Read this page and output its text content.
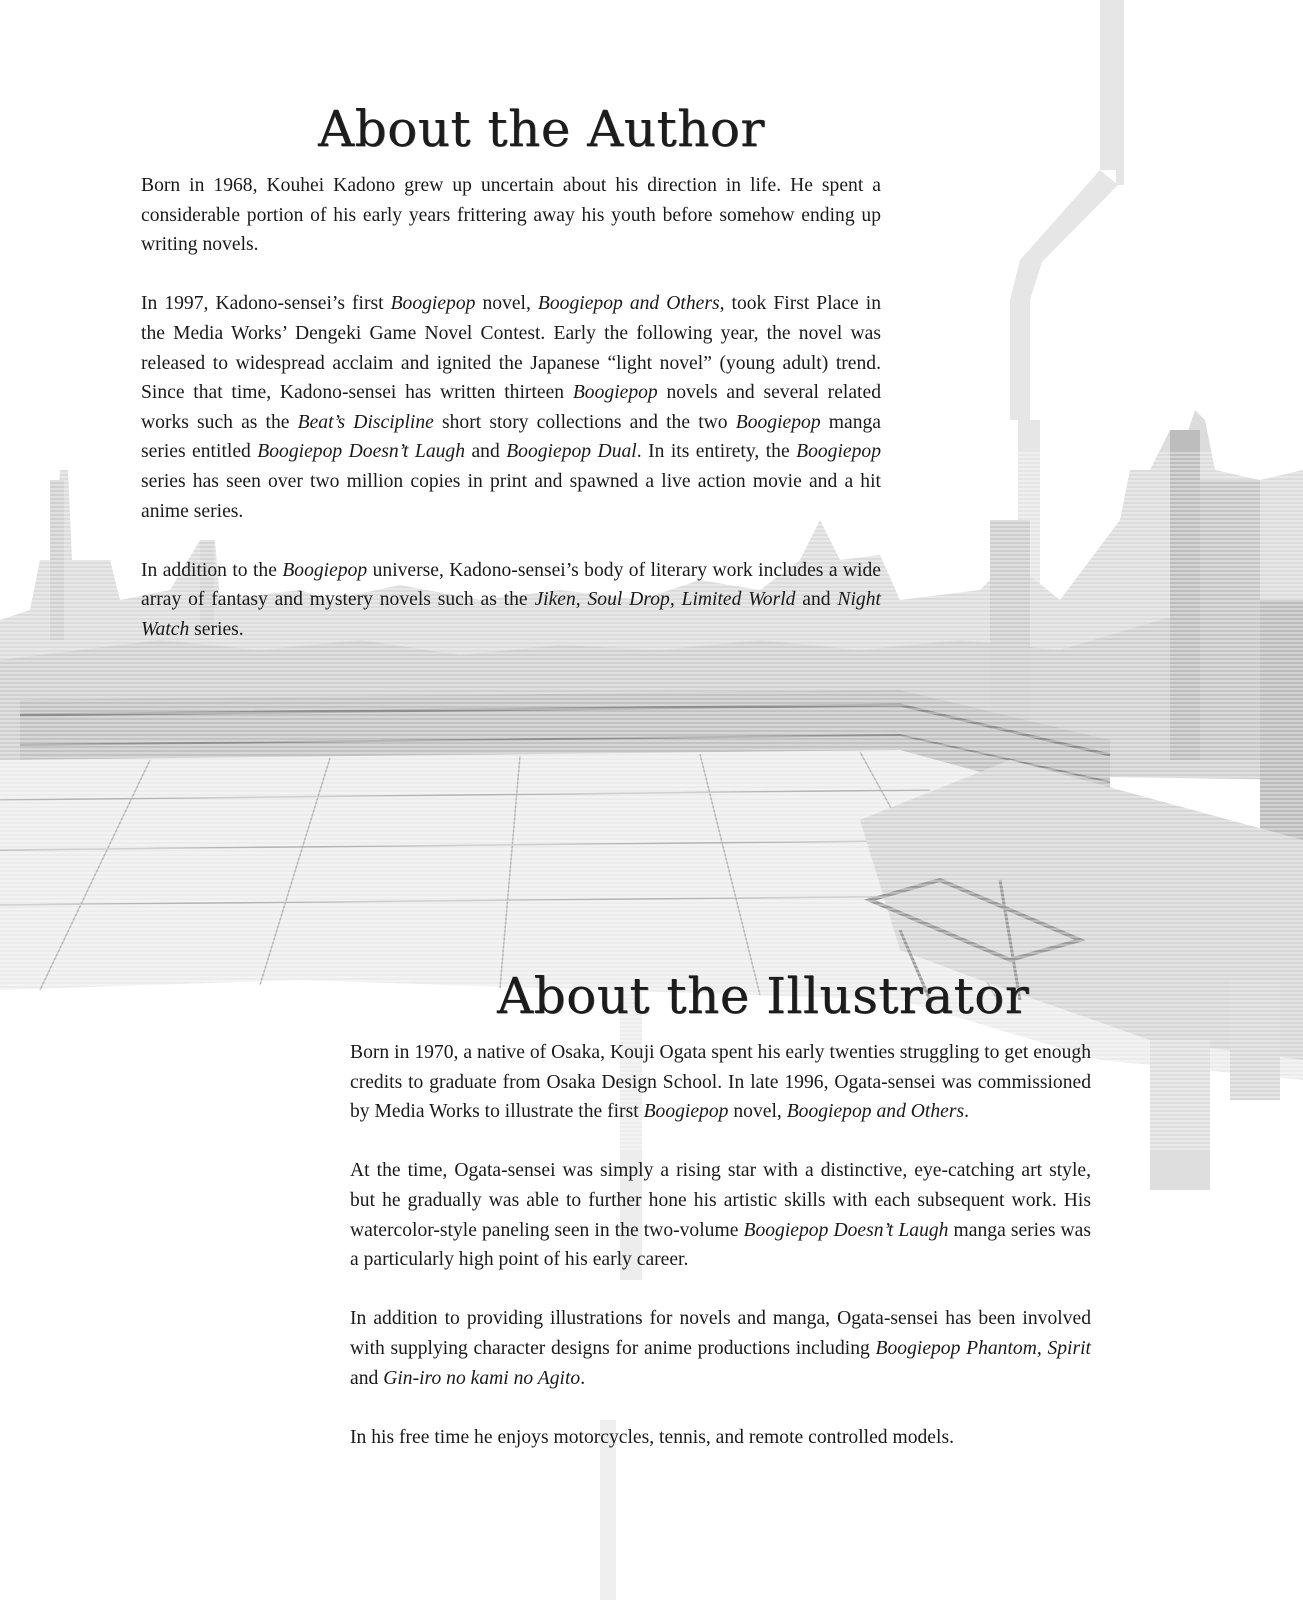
About the Author

Born in 1968, Kouhei Kadono grew up uncertain about his direction in life. He spent a considerable portion of his early years frittering away his youth before somehow ending up writing novels.

In 1997, Kadono-sensei’s first Boogiepop novel, Boogiepop and Others, took First Place in the Media Works’ Dengeki Game Novel Contest. Early the following year, the novel was released to widespread acclaim and ignited the Japanese “light novel” (young adult) trend. Since that time, Kadono-sensei has written thirteen Boogiepop novels and several related works such as the Beat’s Discipline short story collections and the two Boogiepop manga series entitled Boogiepop Doesn’t Laugh and Boogiepop Dual. In its entirety, the Boogiepop series has seen over two million copies in print and spawned a live action movie and a hit anime series.

In addition to the Boogiepop universe, Kadono-sensei’s body of literary work includes a wide array of fantasy and mystery novels such as the Jiken, Soul Drop, Limited World and Night Watch series.

About the Illustrator

Born in 1970, a native of Osaka, Kouji Ogata spent his early twenties struggling to get enough credits to graduate from Osaka Design School. In late 1996, Ogata-sensei was commissioned by Media Works to illustrate the first Boogiepop novel, Boogiepop and Others.

At the time, Ogata-sensei was simply a rising star with a distinctive, eye-catching art style, but he gradually was able to further hone his artistic skills with each subsequent work. His watercolor-style paneling seen in the two-volume Boogiepop Doesn’t Laugh manga series was a particularly high point of his early career.

In addition to providing illustrations for novels and manga, Ogata-sensei has been involved with supplying character designs for anime productions including Boogiepop Phantom, Spirit and Gin-iro no kami no Agito.

In his free time he enjoys motorcycles, tennis, and remote controlled models.
